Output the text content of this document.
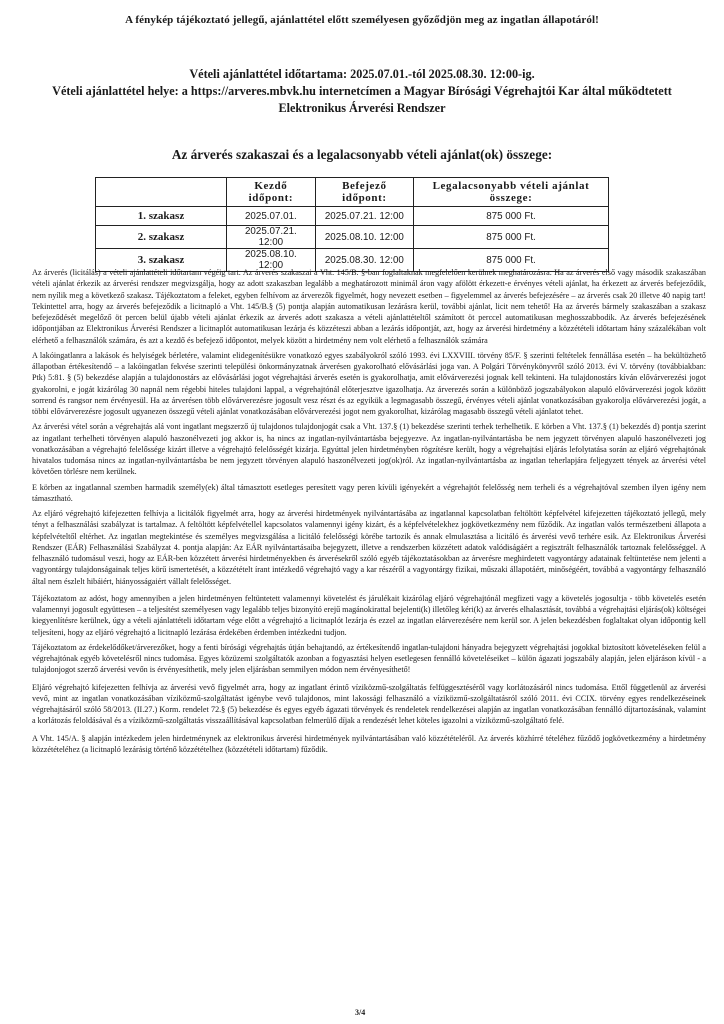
A fénykép tájékoztató jellegű, ajánlattétel előtt személyesen győződjön meg az ingatlan állapotáról!
Vételi ajánlattétel időtartama: 2025.07.01.-tól 2025.08.30. 12:00-ig.
Vételi ajánlattétel helye: a https://arveres.mbvk.hu internetcímen a Magyar Bírósági Végrehajtói Kar által működtetett Elektronikus Árverési Rendszer
Az árverés szakaszai és a legalacsonyabb vételi ajánlat(ok) összege:
	Kezdő időpont:	Befejező időpont:	Legalacsonyabb vételi ajánlat összege:
1. szakasz	2025.07.01.	2025.07.21. 12:00	875 000 Ft.
2. szakasz	2025.07.21. 12:00	2025.08.10. 12:00	875 000 Ft.
3. szakasz	2025.08.10. 12:00	2025.08.30. 12:00	875 000 Ft.

Az árverés (licitálás) a vételi ajánlattételi időtartam végéig tart. Az árverés szakaszai a Vht. 145/B. §-ban foglaltaknak megfelelően kerülnek meghatározásra. Ha az árverés első vagy második szakaszában vételi ajánlat érkezik az árverési rendszer megvizsgálja, hogy az adott szakaszban legalább a meghatározott minimál áron vagy afölött érkezett-e érvényes vételi ajánlat, ha érkezett az árverés befejeződik, nem nyílik meg a következő szakasz. Tájékoztatom a feleket, egyben felhívom az árverezők figyelmét, hogy nevezett esetben – figyelemmel az árverés befejezésére – az árverés csak 20 illetve 40 napig tart! Tekintettel arra, hogy az árverés befejeződik a licitnapló a Vht. 145/B.§ (5) pontja alapján automatikusan lezárásra kerül, további ajánlat, licit nem tehető! Ha az árverés bármely szakaszában a szakasz befejeződését megelőző öt percen belül újabb vételi ajánlat érkezik az árverés adott szakasza a vételi ajánlattételtől számított öt perccel automatikusan meghosszabbodik. Az árverés befejezésének időpontjában az Elektronikus Árverési Rendszer a licitnaplót automatikusan lezárja és közzéteszi abban a lezárás időpontját, azt, hogy az árverési hirdetmény a közzétételi időtartam hány százalékában volt elérhető a felhasználók számára, és azt a kezdő és befejező időpontot, melyek között a hirdetmény nem volt elérhető a felhasználók számára

A lakóingatlanra a lakások és helyiségek bérletére, valamint elidegenítésükre vonatkozó egyes szabályokról szóló 1993. évi LXXVIII. törvény 85/F. § szerinti feltételek fennállása esetén – ha bekültözhető állapotban értékesítendő – a lakóingatlan fekvése szerinti települési önkormányzatnak árverésen gyakorolható elővásárlási joga van. A Polgári Törvénykönyvről szóló 2013. évi V. törvény (továbbiakban: Ptk) 5:81. § (5) bekezdése alapján a tulajdonostárs az elővásárlási jogot végrehajtási árverés esetén is gyakorolhatja, amit elővárverezési jognak kell tekinteni. Ha tulajdonostárs kíván elővárverezési jogot gyakorolni, e jogát kizárólag 30 napnál nem régebbi hiteles tulajdoni lappal, a végrehajtónál előterjesztve igazolhatja. Az árverezés során a különböző jogszabályokon alapuló elővárverezési jogok között sorrend és rangsor nem érvényesül. Ha az árverésen több elővárverezésre jogosult vesz részt és az egyikük a legmagasabb összegű, érvényes vételi ajánlat vonatkozásában gyakorolja elővárverezési jogát, a többi elővárverezésre jogosult ugyanezen összegű vételi ajánlat vonatkozásában elővárverezési jogot nem gyakorolhat, kizárólag magasabb összegű vételi ajánlatot tehet.

Az árverési vétel során a végrehajtás alá vont ingatlant megszerző új tulajdonos tulajdonjogát csak a Vht. 137.§ (1) bekezdése szerinti terhek terhelhetik. E körben a Vht. 137.§ (1) bekezdés d) pontja szerint az ingatlant terhelheti törvényen alapuló haszonélvezeti jog akkor is, ha nincs az ingatlan-nyilvántartásba bejegyezve. Az ingatlan-nyilvántartásba be nem jegyzett törvényen alapuló haszonélvezeti jog vonatkozásában a végrehajtó felelőssége kizárt illetve a végrehajtó felelősségét kizárja. Egyúttal jelen hirdetményben rögzítésre került, hogy a végrehajtási eljárás lefolytatása során az eljáró végrehajtónak hivatalos tudomása nincs az ingatlan-nyilvántartásba be nem jegyzett törvényen alapuló haszonélvezeti jog(ok)ról. Az ingatlan-nyilvántartásba az ingatlan teherlapjára feljegyzett tények az árverési vétel követően törlésre nem kerülnek.

E körben az ingatlannal szemben harmadik személy(ek) által támasztott esetleges peresített vagy peren kívüli igényekért a végrehajtót felelősség nem terheli és a végrehajtóval szemben ilyen igény nem támasztható.

Az eljáró végrehajtó kifejezetten felhívja a licitálók figyelmét arra, hogy az árverési hirdetmények nyilvántartásába az ingatlannal kapcsolatban feltöltött képfelvétel kifejezetten tájékoztató jellegű, mely tényt a felhasználási szabályzat is tartalmaz. A feltöltött képfelvétellel kapcsolatos valamennyi igény kizárt, és a képfelvételekhez jogkövetkezmény nem fűződik. Az ingatlan valós természetbeni állapota a képfelvételtől eltérhet. Az ingatlan megtekintése és személyes megvizsgálása a licitáló felelősségi körébe tartozik és annak elmulasztása a licitáló és árverési vevő terhére esik. Az Elektronikus Árverési Rendszer (EÁR) Felhasználási Szabályzat 4. pontja alapján: Az EÁR nyilvántartásaiba bejegyzett, illetve a rendszerben közzétett adatok valódiságáért a regisztrált felhasználók tartoznak felelősséggel. A felhasználó tudomásul veszi, hogy az EÁR-ben közzétett árverési hirdetményekben és árverésekről szóló egyéb tájékoztatásokban az árverésre meghirdetett vagyontárgy adatainak feltüntetése nem jelenti a vagyontárgy tulajdonságainak teljes körű ismertetését, a közzétételt írant intézkedő végrehajtó vagy a kar részéről a vagyontárgy fizikai, műszaki állapotáért, minőségéért, továbbá a vagyontárgy felhasználó által nem észlelt hibáiért, hiányosságaiért vállalt felelősséget.

Tájékoztatom az adóst, hogy amennyiben a jelen hirdetményen feltüntetett valamennyi követelést és járulékait kizárólag eljáró végrehajtónál megfizeti vagy a követelés jogosultja - több követelés esetén valamennyi jogosult együttesen – a teljesítést személyesen vagy legalább teljes bizonyító erejű magánokirattal bejelenti(k) illetőleg kéri(k) az árverés elhalasztását, továbbá a végrehajtási eljárás(ok) költségei kiegyenlítésre kerülnek, úgy a vételi ajánlattételi időtartam vége előtt a végrehajtó a licitnaplót lezárja és ezzel az ingatlan elárverezésére nem kerül sor. A jelen bekezdésben foglaltakat olyan időpontig kell teljesíteni, hogy az eljáró végrehajtó a licitnapló lezárása érdekében érdemben intézkedni tudjon.

Tájékoztatom az érdekelődőket/árverezőket, hogy a fenti bírósági végrehajtás útján behajtandó, az értékesítendő ingatlan-tulajdoni hányadra bejegyzett végrehajtási jogokkal biztosított követeléseken felül a végrehajtónak egyéb követelésről nincs tudomása. Egyes közüzemi szolgáltatók azonban a fogyasztási helyen esetlegesen fennálló követeléseiket – külön ágazati jogszabály alapján, jelen eljáráson kívül - a tulajdonjogot szerző árverési vevőn is érvényesíthetik, mely jelen eljárásban semmilyen módon nem érvényesíthető!

Eljáró végrehajtó kifejezetten felhívja az árverési vevő figyelmét arra, hogy az ingatlant érintő víziközmű-szolgáltatás felfüggesztéséről vagy korlátozásáról nincs tudomása. Ettől függetlenül az árverési vevő, mint az ingatlan vonatkozásában víziközmű-szolgáltatást igénybe vevő tulajdonos, mint lakossági felhasználó a víziközmű-szolgáltatásról szóló 2011. évi CCIX. törvény egyes rendelkezéseinek végrehajtásáról szóló 58/2013. (II.27.) Korm. rendelet 72.§ (5) bekezdése és egyes egyéb ágazati törvények és rendeletek rendelkezései alapján az ingatlan vonatkozásában fennálló díjtartozásának, valamint a korlátozás feloldásával és a víziközmű-szolgáltatás visszaállításával kapcsolatban felmerülő díjak a rendezését lehet köteles igazolni a víziközmű-szolgáltató felé.

A Vht. 145/A. § alapján intézkedem jelen hirdetménynek az elektronikus árverési hirdetmények nyilvántartásában való közzétételéről. Az árverés közhírré tételéhez fűződő jogkövetkezmény a hirdetmény közzétételéhez (a licitnapló lezárásig történő közzétételhez (közzétételi időtartam) fűződik.

3/4
